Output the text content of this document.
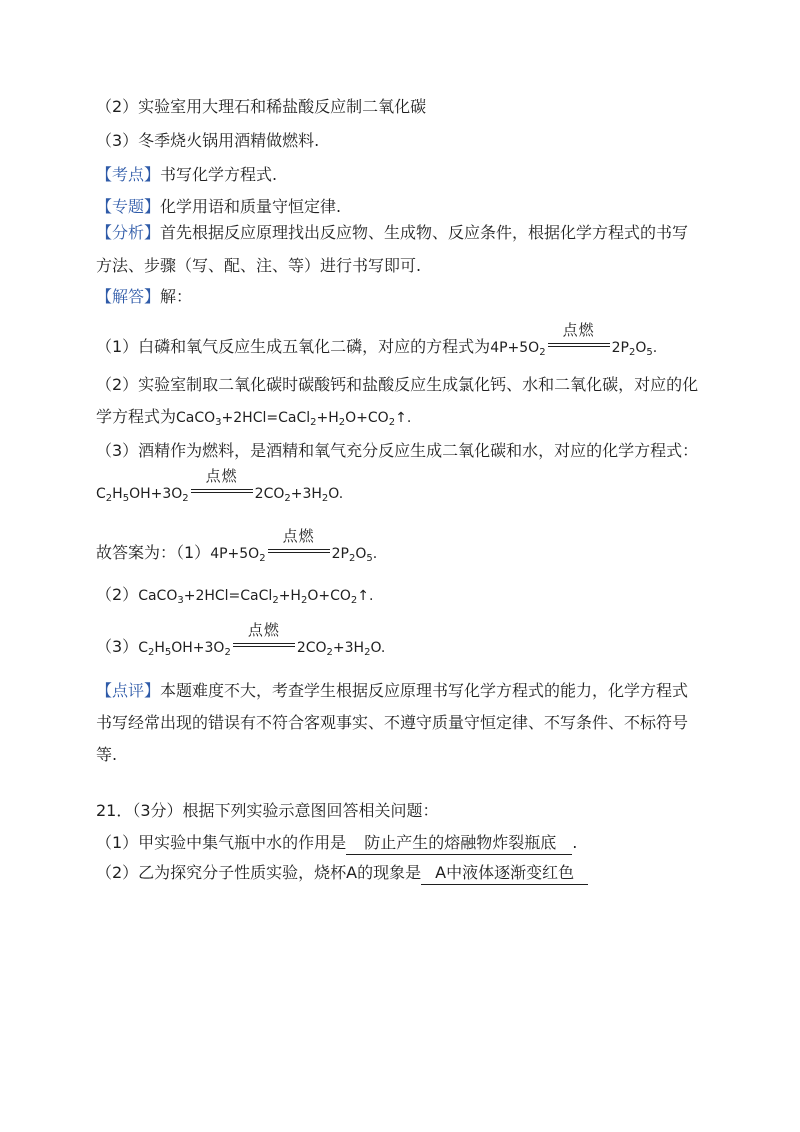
（2）实验室用大理石和稀盐酸反应制二氧化碳
（3）冬季烧火锅用酒精做燃料.
【考点】书写化学方程式.
【专题】化学用语和质量守恒定律.
【分析】首先根据反应原理找出反应物、生成物、反应条件，根据化学方程式的书写
方法、步骤（写、配、注、等）进行书写即可.
【解答】解：
（1）白磷和氧气反应生成五氧化二磷，对应的方程式为$4P+5O_2$
点燃
$2P_2O_5$.
（2）实验室制取二氧化碳时碳酸钙和盐酸反应生成氯化钙、水和二氧化碳，对应的化
学方程式为$CaCO_3+2HCl=CaCl_2+H_2O+CO_2↑$.
（3）酒精作为燃料，是酒精和氧气充分反应生成二氧化碳和水，对应的化学方程式：
$C_2H_5OH+3O_2$
点燃
$2CO_2+3H_2O$.
故答案为：$(1)4P+5O_2$
点燃
$2P_2O_5$.
$(2)CaCO_3+2HCl=CaCl_2+H_2O+CO_2↑$.
$(3)C_2H_5OH+3O_2$
点燃
$2CO_2+3H_2O$.
【点评】本题难度不大，考查学生根据反应原理书写化学方程式的能力，化学方程式
书写经常出现的错误有不符合客观事实、不遵守质量守恒定律、不写条件、不标符号
等.
21．（3分）根据下列实验示意图回答相关问题：
（1）甲实验中集气瓶中水的作用是 防止产生的熔融物炸裂瓶底 .
（2）乙为探究分子性质实验，烧杯A的现象是 A中液体逐渐变红色
